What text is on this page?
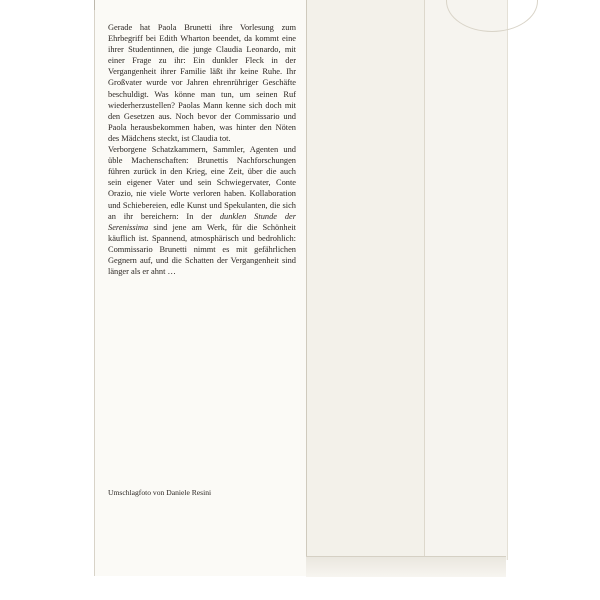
Gerade hat Paola Brunetti ihre Vorlesung zum Ehrbegriff bei Edith Wharton beendet, da kommt eine ihrer Studentinnen, die junge Claudia Leonardo, mit einer Frage zu ihr: Ein dunkler Fleck in der Vergangenheit ihrer Familie läßt ihr keine Ruhe. Ihr Großvater wurde vor Jahren ehrenrühriger Geschäfte beschuldigt. Was könne man tun, um seinen Ruf wiederherzustellen? Paolas Mann kenne sich doch mit den Gesetzen aus. Noch bevor der Commissario und Paola herausbekommen haben, was hinter den Nöten des Mädchens steckt, ist Claudia tot.

Verborgene Schatzkammern, Sammler, Agenten und üble Machenschaften: Brunettis Nachforschungen führen zurück in den Krieg, eine Zeit, über die auch sein eigener Vater und sein Schwiegervater, Conte Orazio, nie viele Worte verloren haben. Kollaboration und Schiebereien, edle Kunst und Spekulanten, die sich an ihr bereichern: In der dunklen Stunde der Serenissima sind jene am Werk, für die Schönheit käuflich ist. Spannend, atmosphärisch und bedrohlich: Commissario Brunetti nimmt es mit gefährlichen Gegnern auf, und die Schatten der Vergangenheit sind länger als er ahnt …

Umschlagfoto von Daniele Resini
